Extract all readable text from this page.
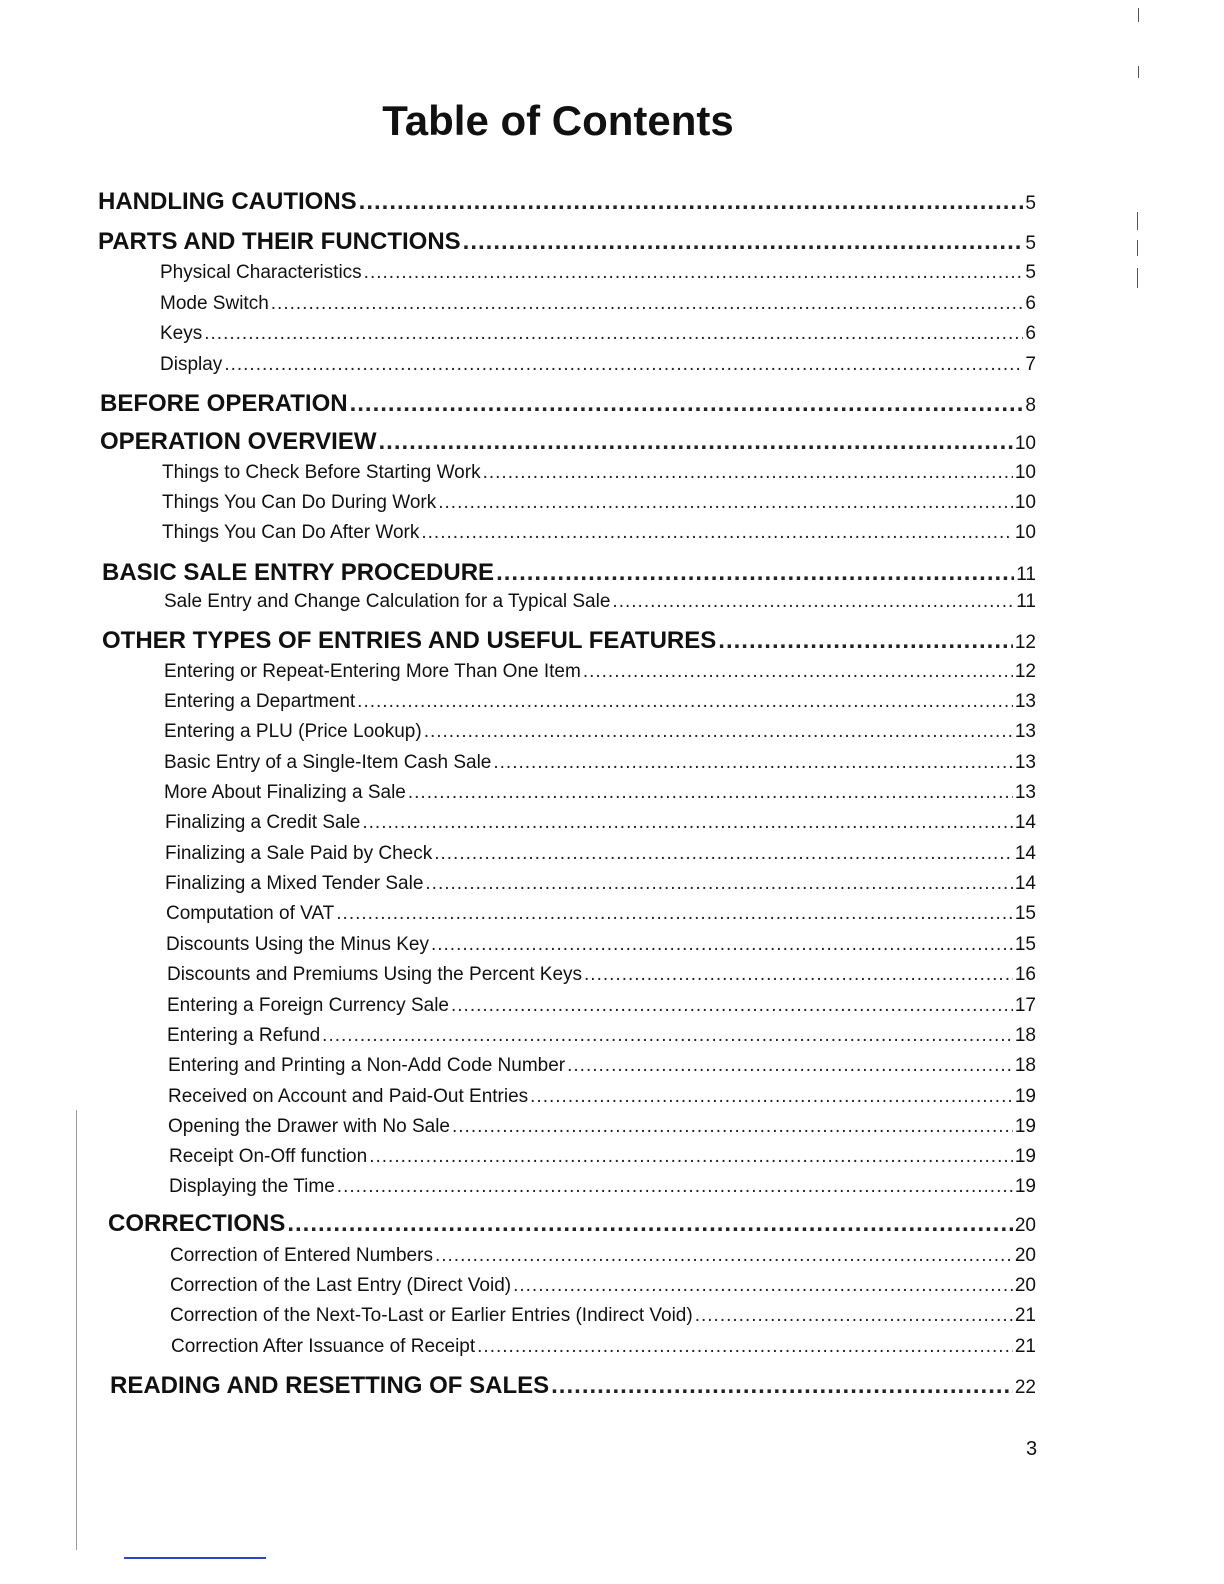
Table of Contents
HANDLING CAUTIONS .....	5
PARTS AND THEIR FUNCTIONS .....	5
Physical Characteristics .....	5
Mode Switch .....	6
Keys .....	6
Display .....	7
BEFORE OPERATION .....	8
OPERATION OVERVIEW .....	10
Things to Check Before Starting Work .....	10
Things You Can Do During Work .....	10
Things You Can Do After Work .....	10
BASIC SALE ENTRY PROCEDURE .....	11
Sale Entry and Change Calculation for a Typical Sale .....	11
OTHER TYPES OF ENTRIES AND USEFUL FEATURES .....	12
Entering or Repeat-Entering More Than One Item .....	12
Entering a Department .....	13
Entering a PLU (Price Lookup) .....	13
Basic Entry of a Single-Item Cash Sale .....	13
More About Finalizing a Sale .....	13
Finalizing a Credit Sale .....	14
Finalizing a Sale Paid by Check .....	14
Finalizing a Mixed Tender Sale .....	14
Computation of VAT .....	15
Discounts Using the Minus Key .....	15
Discounts and Premiums Using the Percent Keys .....	16
Entering a Foreign Currency Sale .....	17
Entering a Refund .....	18
Entering and Printing a Non-Add Code Number .....	18
Received on Account and Paid-Out Entries .....	19
Opening the Drawer with No Sale .....	19
Receipt On-Off function .....	19
Displaying the Time .....	19
CORRECTIONS .....	20
Correction of Entered Numbers .....	20
Correction of the Last Entry (Direct Void) .....	20
Correction of the Next-To-Last or Earlier Entries (Indirect Void) .....	21
Correction After Issuance of Receipt .....	21
READING AND RESETTING OF SALES .....	22
3
